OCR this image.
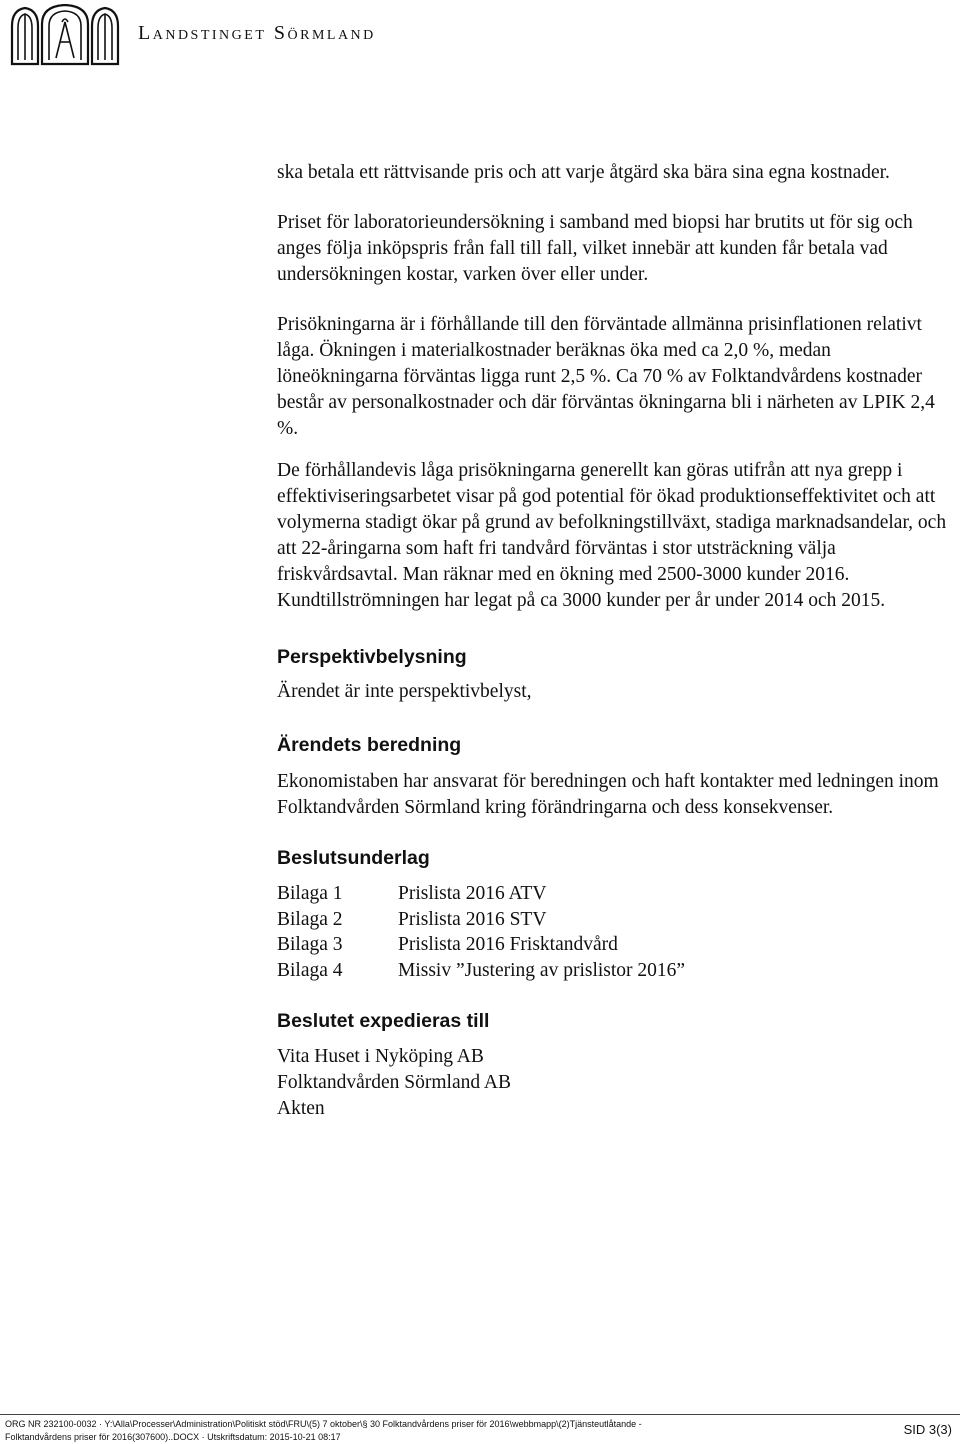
Landstinget Sörmland

ska betala ett rättvisande pris och att varje åtgärd ska bära sina egna kostnader.

Priset för laboratorieundersökning i samband med biopsi har brutits ut för sig och anges följa inköpspris från fall till fall, vilket innebär att kunden får betala vad undersökningen kostar, varken över eller under.

Prisökningarna är i förhållande till den förväntade allmänna prisinflationen relativt låga. Ökningen i materialkostnader beräknas öka med ca 2,0 %, medan löneökningarna förväntas ligga runt 2,5 %. Ca 70 % av Folktandvårdens kostnader består av personalkostnader och där förväntas ökningarna bli i närheten av LPIK 2,4 %.

De förhållandevis låga prisökningarna generellt kan göras utifrån att nya grepp i effektiviseringsarbetet visar på god potential för ökad produktionseffektivitet och att volymerna stadigt ökar på grund av befolkningstillväxt, stadiga marknadsandelar, och att 22-åringarna som haft fri tandvård förväntas i stor utsträckning välja friskvårdsavtal. Man räknar med en ökning med 2500-3000 kunder 2016. Kundtillströmningen har legat på ca 3000 kunder per år under 2014 och 2015.

Perspektivbelysning

Ärendet är inte perspektivbelyst,

Ärendets beredning

Ekonomistaben har ansvarat för beredningen och haft kontakter med ledningen inom Folktandvården Sörmland kring förändringarna och dess konsekvenser.

Beslutsunderlag
Bilaga 1	Prislista 2016 ATV
Bilaga 2	Prislista 2016 STV
Bilaga 3	Prislista 2016 Frisktandvård
Bilaga 4	Missiv ”Justering av prislistor 2016”
Beslutet expedieras till
Vita Huset i Nyköping AB
Folktandvården Sörmland AB
Akten
ORG NR 232100-0032 · Y:\Alla\Processer\Administration\Politiskt stöd\FRU\(5) 7 oktober\§ 30 Folktandvårdens priser för 2016\webbmapp\(2)Tjänsteutlåtande -
Folktandvårdens priser för 2016(307600)..DOCX · Utskriftsdatum: 2015-10-21 08:17	SID 3(3)
